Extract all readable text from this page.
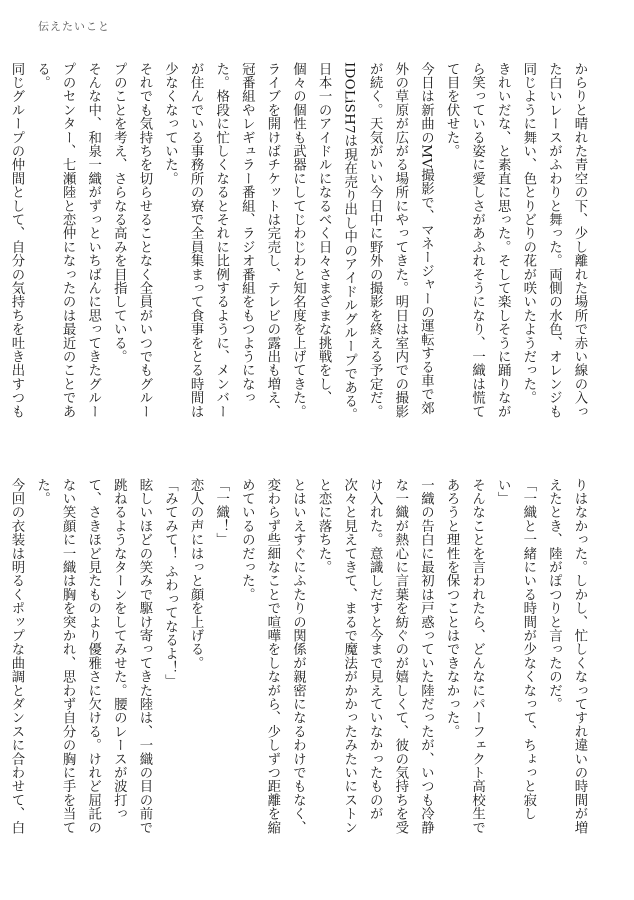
伝えたいこと

からりと晴れた青空の下、少し離れた場所で赤い線の入った白いレースがふわりと舞った。両側の水色、オレンジも同じように舞い、色とりどりの花が咲いたようだった。

きれいだな、と素直に思った。そして楽しそうに踊りながら笑っている姿に愛しさがあふれそうになり、一織は慌てて目を伏せた。

今日は新曲のMV撮影で、マネージャーの運転する車で郊外の草原が広がる場所にやってきた。明日は室内での撮影が続く。天気がいい今日中に野外の撮影を終える予定だ。

IDOLiSH7は現在売り出し中のアイドルグループである。日本一のアイドルになるべく日々さまざまな挑戦をし、個々の個性も武器にしてじわじわと知名度を上げてきた。

ライブを開けばチケットは完売し、テレビの露出も増え、冠番組やレギュラー番組、ラジオ番組をもつようになった。格段に忙しくなるとそれに比例するように、メンバーが住んでいる事務所の寮で全員集まって食事をとる時間は少なくなっていた。

それでも気持ちを切らせることなく全員がいつでもグループのことを考え、さらなる高みを目指している。

そんな中、和泉一織がずっといちばんに思ってきたグループのセンター、七瀬陸と恋仲になったのは最近のことである。

同じグループの仲間として、自分の気持ちを吐き出すつも

りはなかった。しかし、忙しくなってすれ違いの時間が増えたとき、陸がぽつりと言ったのだ。

「一織と一緒にいる時間が少なくなって、ちょっと寂しい」

そんなことを言われたら、どんなにパーフェクト高校生であろうと理性を保つことはできなかった。

一織の告白に最初は戸惑っていた陸だったが、いつも冷静な一織が熱心に言葉を紡ぐのが嬉しくて、彼の気持ちを受け入れた。意識しだすと今まで見えていなかったものが次々と見えてきて、まるで魔法がかかったみたいにストンと恋に落ちた。

とはいえすぐにふたりの関係が親密になるわけでもなく、変わらず些細なことで喧嘩をしながら、少しずつ距離を縮めているのだった。

「一織！」

恋人の声にはっと顔を上げる。

「みてみて！ ふわってなるよ！」

眩しいほどの笑みで駆け寄ってきた陸は、一織の目の前で跳ねるようなターンをしてみせた。腰のレースが波打って、さきほど見たものより優雅さに欠ける。けれど屈託のない笑顔に一織は胸を突かれ、思わず自分の胸に手を当てた。

今回の衣装は明るくポップな曲調とダンスに合わせて、白
